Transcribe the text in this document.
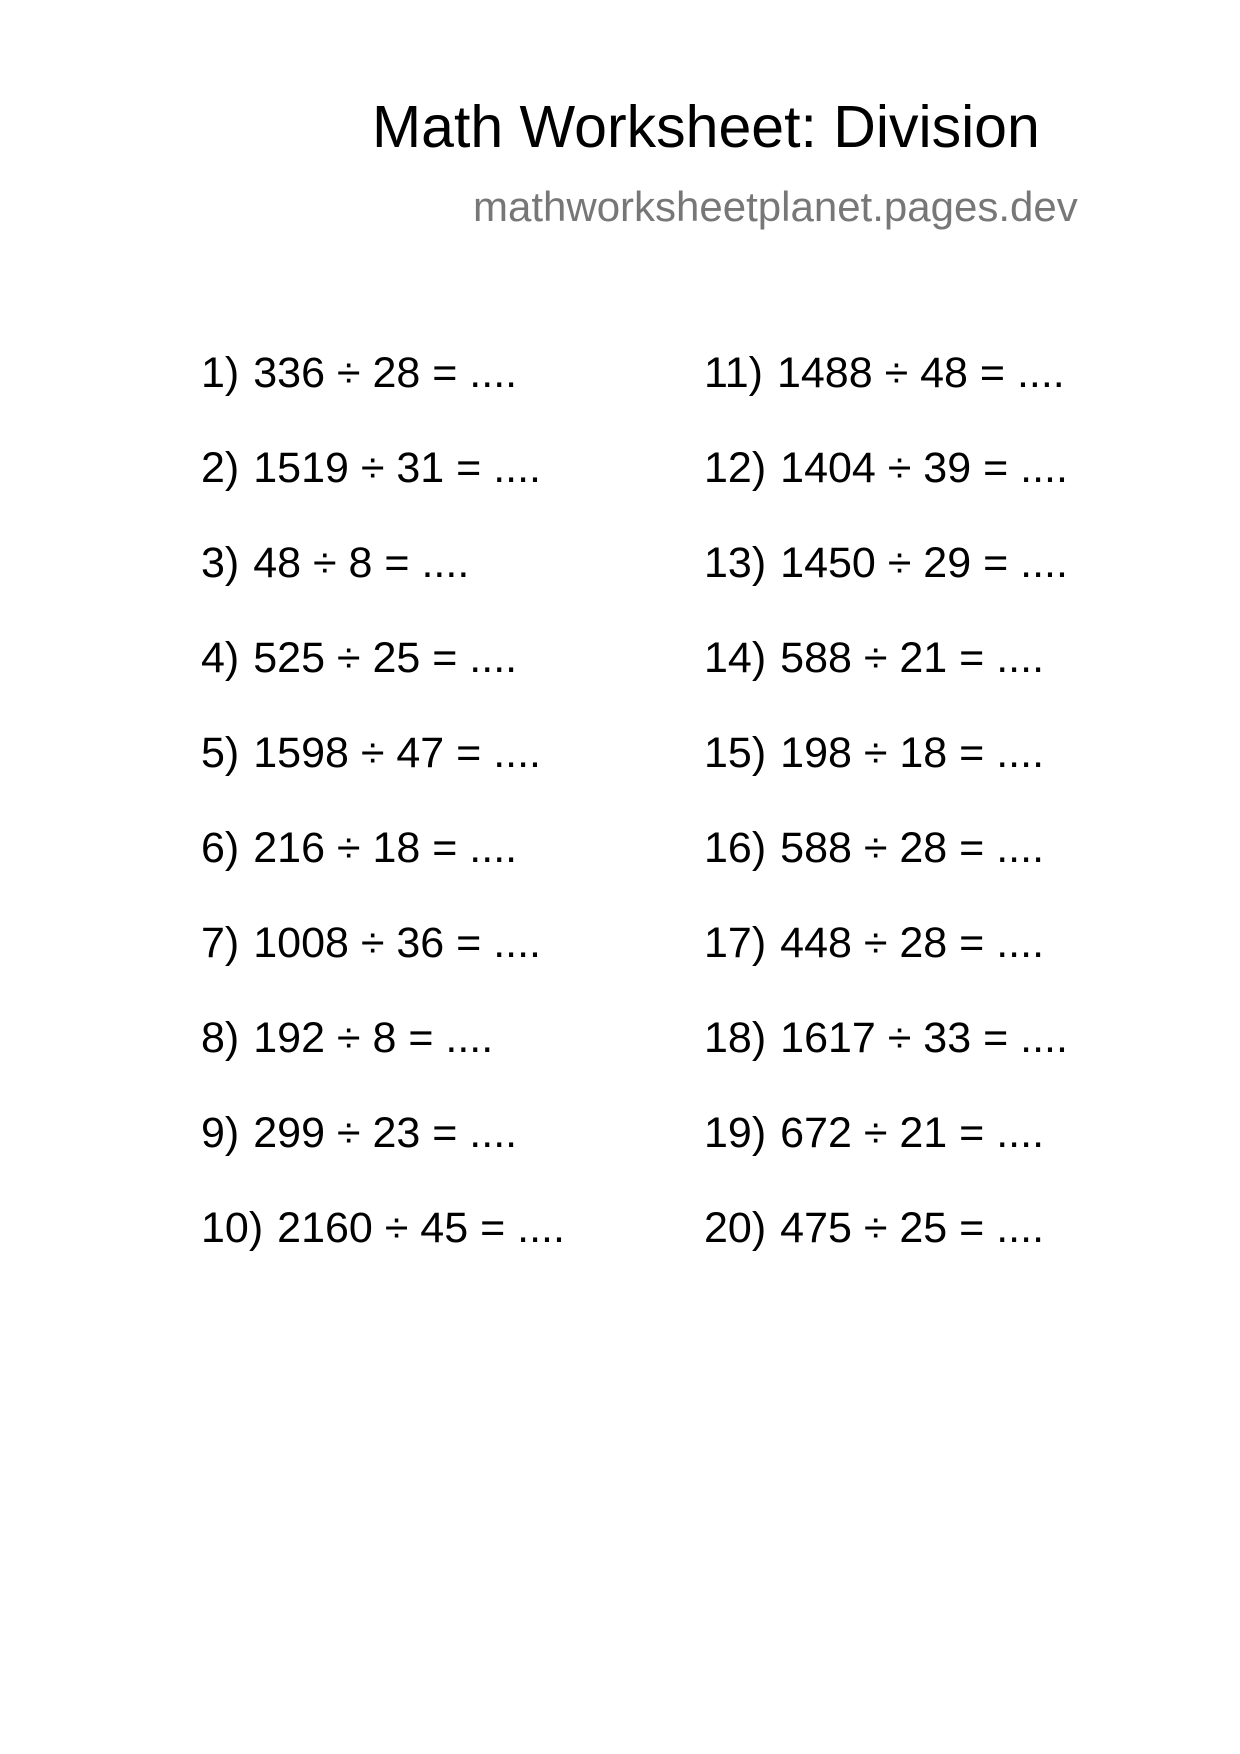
Math Worksheet: Division
mathworksheetplanet.pages.dev
1) 336 ÷ 28 = ....
2) 1519 ÷ 31 = ....
3) 48 ÷ 8 = ....
4) 525 ÷ 25 = ....
5) 1598 ÷ 47 = ....
6) 216 ÷ 18 = ....
7) 1008 ÷ 36 = ....
8) 192 ÷ 8 = ....
9) 299 ÷ 23 = ....
10) 2160 ÷ 45 = ....
11) 1488 ÷ 48 = ....
12) 1404 ÷ 39 = ....
13) 1450 ÷ 29 = ....
14) 588 ÷ 21 = ....
15) 198 ÷ 18 = ....
16) 588 ÷ 28 = ....
17) 448 ÷ 28 = ....
18) 1617 ÷ 33 = ....
19) 672 ÷ 21 = ....
20) 475 ÷ 25 = ....
